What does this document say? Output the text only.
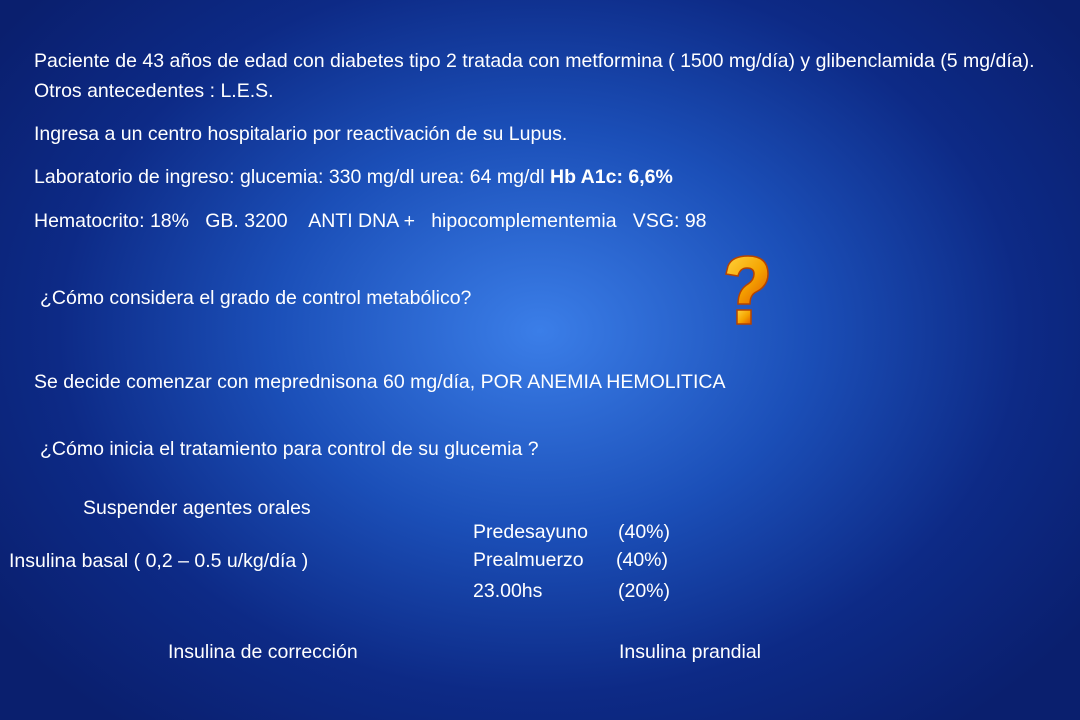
Paciente de 43 años de edad con diabetes tipo 2 tratada con metformina ( 1500 mg/día) y glibenclamida (5 mg/día). Otros antecedentes : L.E.S.
Ingresa a un centro hospitalario por reactivación de su Lupus.
Laboratorio de ingreso: glucemia: 330 mg/dl urea: 64 mg/dl Hb A1c: 6,6%
Hematocrito: 18%   GB. 3200    ANTI DNA +   hipocomplementemia   VSG: 98
¿Cómo considera el grado de control metabólico?
Se decide comenzar con meprednisona 60 mg/día, POR ANEMIA HEMOLITICA
¿Cómo inicia el tratamiento para control de su glucemia ?
Suspender agentes orales
Insulina basal ( 0,2 – 0.5 u/kg/día )
Predesayuno (40%)
Prealmuerzo (40%)
23.00hs	(20%)
Insulina de corrección	Insulina prandial
